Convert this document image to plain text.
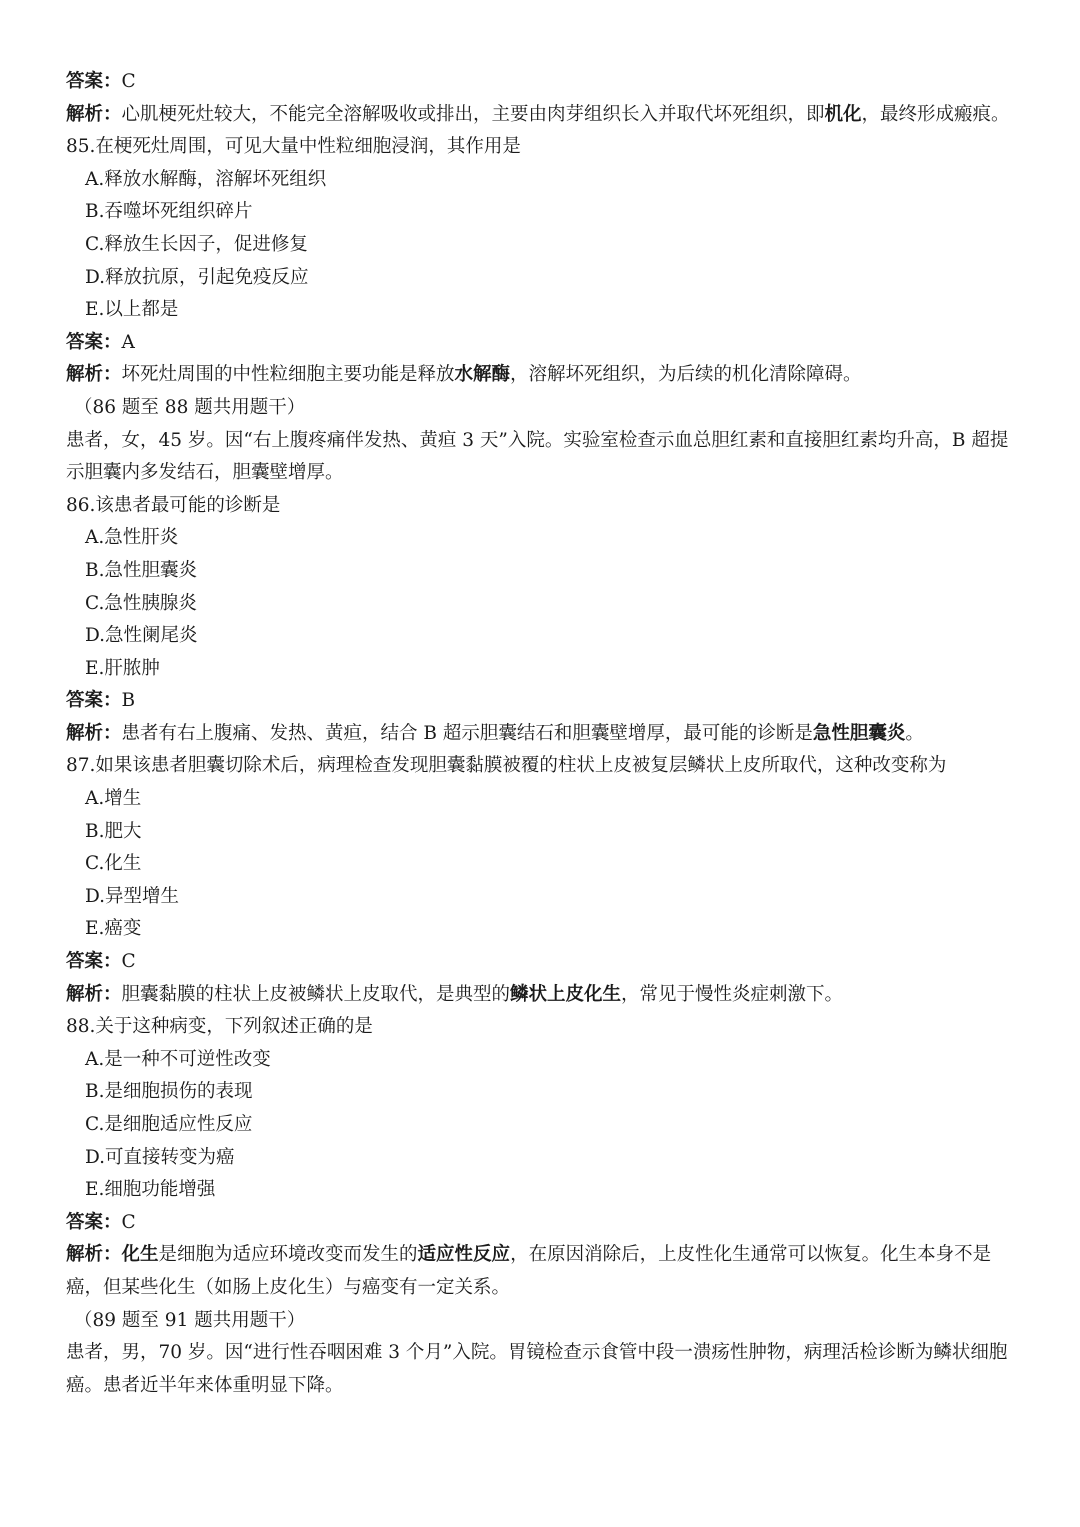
答案：C
解析：心肌梗死灶较大，不能完全溶解吸收或排出，主要由肉芽组织长入并取代坏死组织，即机化，最终形成瘢痕。
85.在梗死灶周围，可见大量中性粒细胞浸润，其作用是
A.释放水解酶，溶解坏死组织
B.吞噬坏死组织碎片
C.释放生长因子，促进修复
D.释放抗原，引起免疫反应
E.以上都是
答案：A
解析：坏死灶周围的中性粒细胞主要功能是释放水解酶，溶解坏死组织，为后续的机化清除障碍。
（86 题至 88 题共用题干）
患者，女，45 岁。因“右上腹疼痛伴发热、黄疸 3 天”入院。实验室检查示血总胆红素和直接胆红素均升高，B 超提示胆囊内多发结石，胆囊壁增厚。
86.该患者最可能的诊断是
A.急性肝炎
B.急性胆囊炎
C.急性胰腺炎
D.急性阑尾炎
E.肝脓肿
答案：B
解析：患者有右上腹痛、发热、黄疸，结合 B 超示胆囊结石和胆囊壁增厚，最可能的诊断是急性胆囊炎。
87.如果该患者胆囊切除术后，病理检查发现胆囊黏膜被覆的柱状上皮被复层鳞状上皮所取代，这种改变称为
A.增生
B.肥大
C.化生
D.异型增生
E.癌变
答案：C
解析：胆囊黏膜的柱状上皮被鳞状上皮取代，是典型的鳞状上皮化生，常见于慢性炎症刺激下。
88.关于这种病变，下列叙述正确的是
A.是一种不可逆性改变
B.是细胞损伤的表现
C.是细胞适应性反应
D.可直接转变为癌
E.细胞功能增强
答案：C
解析：化生是细胞为适应环境改变而发生的适应性反应，在原因消除后，上皮性化生通常可以恢复。化生本身不是癌，但某些化生（如肠上皮化生）与癌变有一定关系。
（89 题至 91 题共用题干）
患者，男，70 岁。因“进行性吞咽困难 3 个月”入院。胃镜检查示食管中段一溃疡性肿物，病理活检诊断为鳞状细胞癌。患者近半年来体重明显下降。
